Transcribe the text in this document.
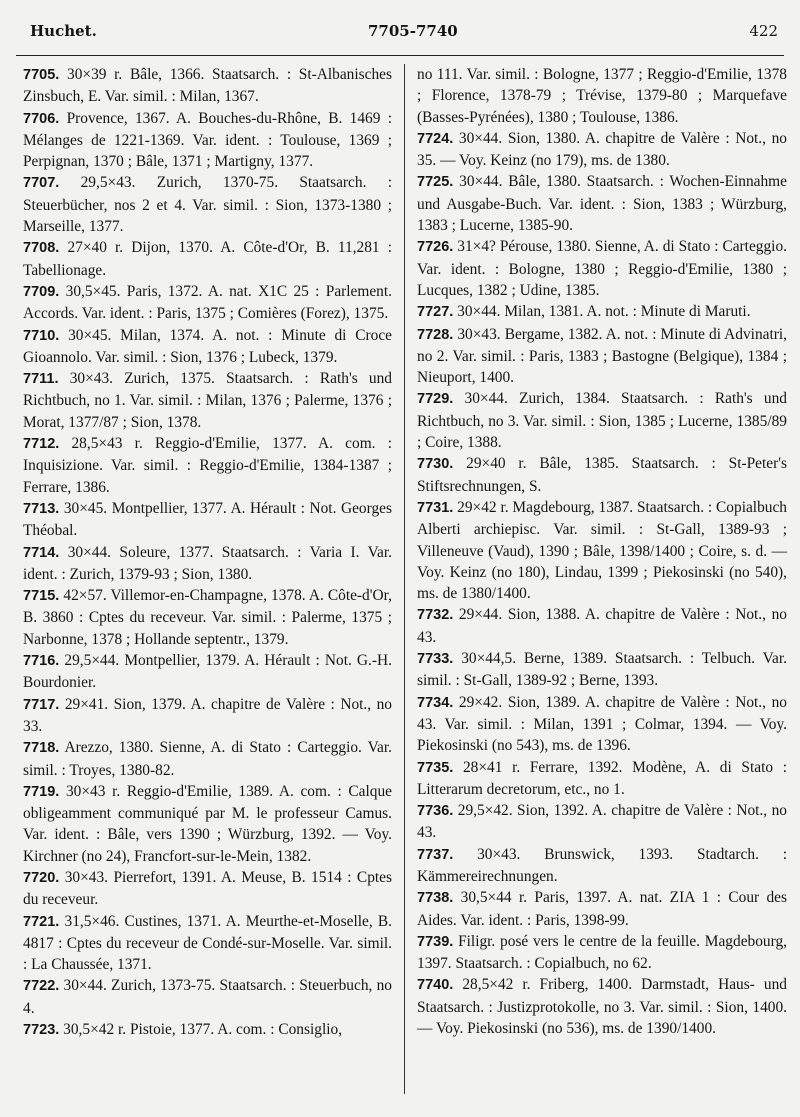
Huchet.	7705-7740	422

7705. 30×39 r. Bâle, 1366. Staatsarch. : St-Albanisches Zinsbuch, E. Var. simil. : Milan, 1367.

7706. Provence, 1367. A. Bouches-du-Rhône, B. 1469 : Mélanges de 1221-1369. Var. ident. : Toulouse, 1369 ; Perpignan, 1370 ; Bâle, 1371 ; Martigny, 1377.

7707. 29,5×43. Zurich, 1370-75. Staatsarch. : Steuerbücher, nos 2 et 4. Var. simil. : Sion, 1373-1380 ; Marseille, 1377.

7708. 27×40 r. Dijon, 1370. A. Côte-d'Or, B. 11,281 : Tabellionage.

7709. 30,5×45. Paris, 1372. A. nat. X1C 25 : Parlement. Accords. Var. ident. : Paris, 1375 ; Comières (Forez), 1375.

7710. 30×45. Milan, 1374. A. not. : Minute di Croce Gioannolo. Var. simil. : Sion, 1376 ; Lubeck, 1379.

7711. 30×43. Zurich, 1375. Staatsarch. : Rath's und Richtbuch, no 1. Var. simil. : Milan, 1376 ; Palerme, 1376 ; Morat, 1377/87 ; Sion, 1378.

7712. 28,5×43 r. Reggio-d'Emilie, 1377. A. com. : Inquisizione. Var. simil. : Reggio-d'Emilie, 1384-1387 ; Ferrare, 1386.

7713. 30×45. Montpellier, 1377. A. Hérault : Not. Georges Théobal.

7714. 30×44. Soleure, 1377. Staatsarch. : Varia I. Var. ident. : Zurich, 1379-93 ; Sion, 1380.

7715. 42×57. Villemor-en-Champagne, 1378. A. Côte-d'Or, B. 3860 : Cptes du receveur. Var. simil. : Palerme, 1375 ; Narbonne, 1378 ; Hollande septentr., 1379.

7716. 29,5×44. Montpellier, 1379. A. Hérault : Not. G.-H. Bourdonier.

7717. 29×41. Sion, 1379. A. chapitre de Valère : Not., no 33.

7718. Arezzo, 1380. Sienne, A. di Stato : Carteggio. Var. simil. : Troyes, 1380-82.

7719. 30×43 r. Reggio-d'Emilie, 1389. A. com. : Calque obligeamment communiqué par M. le professeur Camus. Var. ident. : Bâle, vers 1390 ; Würzburg, 1392. — Voy. Kirchner (no 24), Francfort-sur-le-Mein, 1382.

7720. 30×43. Pierrefort, 1391. A. Meuse, B. 1514 : Cptes du receveur.

7721. 31,5×46. Custines, 1371. A. Meurthe-et-Moselle, B. 4817 : Cptes du receveur de Condé-sur-Moselle. Var. simil. : La Chaussée, 1371.

7722. 30×44. Zurich, 1373-75. Staatsarch. : Steuerbuch, no 4.

7723. 30,5×42 r. Pistoie, 1377. A. com. : Consiglio,

no 111. Var. simil. : Bologne, 1377 ; Reggio-d'Emilie, 1378 ; Florence, 1378-79 ; Trévise, 1379-80 ; Marquefave (Basses-Pyrénées), 1380 ; Toulouse, 1386.

7724. 30×44. Sion, 1380. A. chapitre de Valère : Not., no 35. — Voy. Keinz (no 179), ms. de 1380.

7725. 30×44. Bâle, 1380. Staatsarch. : Wochen-Einnahme und Ausgabe-Buch. Var. ident. : Sion, 1383 ; Würzburg, 1383 ; Lucerne, 1385-90.

7726. 31×4? Pérouse, 1380. Sienne, A. di Stato : Carteggio. Var. ident. : Bologne, 1380 ; Reggio-d'Emilie, 1380 ; Lucques, 1382 ; Udine, 1385.

7727. 30×44. Milan, 1381. A. not. : Minute di Maruti.

7728. 30×43. Bergame, 1382. A. not. : Minute di Advinatri, no 2. Var. simil. : Paris, 1383 ; Bastogne (Belgique), 1384 ; Nieuport, 1400.

7729. 30×44. Zurich, 1384. Staatsarch. : Rath's und Richtbuch, no 3. Var. simil. : Sion, 1385 ; Lucerne, 1385/89 ; Coire, 1388.

7730. 29×40 r. Bâle, 1385. Staatsarch. : St-Peter's Stiftsrechnungen, S.

7731. 29×42 r. Magdebourg, 1387. Staatsarch. : Copialbuch Alberti archiepisc. Var. simil. : St-Gall, 1389-93 ; Villeneuve (Vaud), 1390 ; Bâle, 1398/1400 ; Coire, s. d. — Voy. Keinz (no 180), Lindau, 1399 ; Piekosinski (no 540), ms. de 1380/1400.

7732. 29×44. Sion, 1388. A. chapitre de Valère : Not., no 43.

7733. 30×44,5. Berne, 1389. Staatsarch. : Telbuch. Var. simil. : St-Gall, 1389-92 ; Berne, 1393.

7734. 29×42. Sion, 1389. A. chapitre de Valère : Not., no 43. Var. simil. : Milan, 1391 ; Colmar, 1394. — Voy. Piekosinski (no 543), ms. de 1396.

7735. 28×41 r. Ferrare, 1392. Modène, A. di Stato : Litterarum decretorum, etc., no 1.

7736. 29,5×42. Sion, 1392. A. chapitre de Valère : Not., no 43.

7737. 30×43. Brunswick, 1393. Stadtarch. : Kämmereirechnungen.

7738. 30,5×44 r. Paris, 1397. A. nat. ZIA 1 : Cour des Aides. Var. ident. : Paris, 1398-99.

7739. Filigr. posé vers le centre de la feuille. Magdebourg, 1397. Staatsarch. : Copialbuch, no 62.

7740. 28,5×42 r. Friberg, 1400. Darmstadt, Haus- und Staatsarch. : Justizprotokolle, no 3. Var. simil. : Sion, 1400. — Voy. Piekosinski (no 536), ms. de 1390/1400.
